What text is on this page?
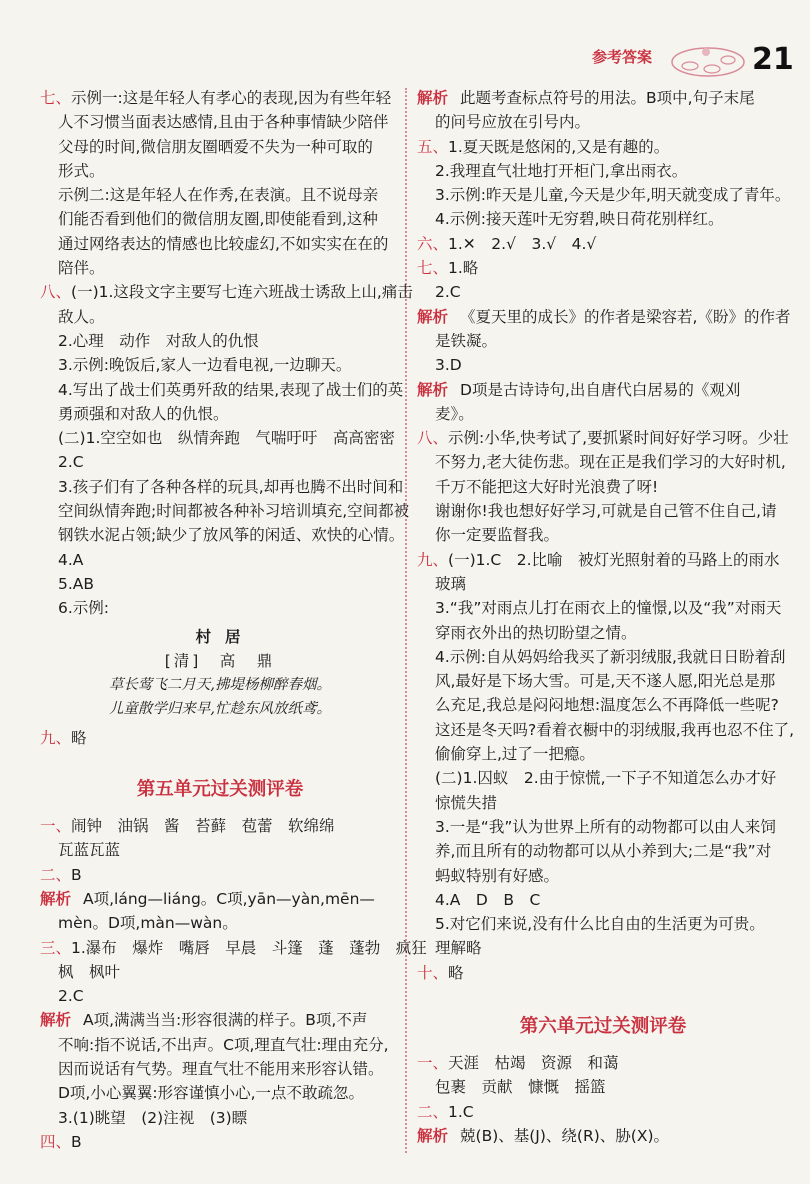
参考答案	21
七、示例一:这是年轻人有孝心的表现,因为有些年轻
人不习惯当面表达感情,且由于各种事情缺少陪伴
父母的时间,微信朋友圈晒爱不失为一种可取的
形式。
示例二:这是年轻人在作秀,在表演。且不说母亲
们能否看到他们的微信朋友圈,即使能看到,这种
通过网络表达的情感也比较虚幻,不如实实在在的
陪伴。
八、(一)1.这段文字主要写七连六班战士诱敌上山,痛击
敌人。
2.心理　动作　对敌人的仇恨
3.示例:晚饭后,家人一边看电视,一边聊天。
4.写出了战士们英勇歼敌的结果,表现了战士们的英
勇顽强和对敌人的仇恨。
(二)1.空空如也　纵情奔跑　气喘吁吁　高高密密
2.C
3.孩子们有了各种各样的玩具,却再也腾不出时间和
空间纵情奔跑;时间都被各种补习培训填充,空间都被
钢铁水泥占领;缺少了放风筝的闲适、欢快的心情。
4.A
5.AB
6.示例:
村居
[清]　高　鼎
草长莺飞二月天,拂堤杨柳醉春烟。
儿童散学归来早,忙趁东风放纸鸢。
九、略
第五单元过关测评卷
一、闹钟　油锅　酱　苔藓　苞蕾　软绵绵
瓦蓝瓦蓝
二、B
解析 A项,láng—liáng。C项,yān—yàn,mēn—
mèn。D项,màn—wàn。
三、1.瀑布　爆炸　嘴唇　早晨　斗篷　蓬　蓬勃　疯狂
枫　枫叶
2.C
解析 A项,满满当当:形容很满的样子。B项,不声
不响:指不说话,不出声。C项,理直气壮:理由充分,
因而说话有气势。理直气壮不能用来形容认错。
D项,小心翼翼:形容谨慎小心,一点不敢疏忽。
3.(1)眺望　(2)注视　(3)瞟
四、B
解析 此题考查标点符号的用法。B项中,句子末尾
的问号应放在引号内。
五、1.夏天既是悠闲的,又是有趣的。
2.我理直气壮地打开柜门,拿出雨衣。
3.示例:昨天是儿童,今天是少年,明天就变成了青年。
4.示例:接天莲叶无穷碧,映日荷花别样红。
六、1.✕　2.√　3.√　4.√
七、1.略
2.C
解析 《夏天里的成长》的作者是梁容若,《盼》的作者
是铁凝。
3.D
解析 D项是古诗诗句,出自唐代白居易的《观刈
麦》。
八、示例:小华,快考试了,要抓紧时间好好学习呀。少壮
不努力,老大徒伤悲。现在正是我们学习的大好时机,
千万不能把这大好时光浪费了呀!
谢谢你!我也想好好学习,可就是自己管不住自己,请
你一定要监督我。
九、(一)1.C　2.比喻　被灯光照射着的马路上的雨水
玻璃
3.“我”对雨点儿打在雨衣上的憧憬,以及“我”对雨天
穿雨衣外出的热切盼望之情。
4.示例:自从妈妈给我买了新羽绒服,我就日日盼着刮
风,最好是下场大雪。可是,天不遂人愿,阳光总是那
么充足,我总是闷闷地想:温度怎么不再降低一些呢?
这还是冬天吗?看着衣橱中的羽绒服,我再也忍不住了,
偷偷穿上,过了一把瘾。
(二)1.囚蚁　2.由于惊慌,一下子不知道怎么办才好
惊慌失措
3.一是“我”认为世界上所有的动物都可以由人来饲
养,而且所有的动物都可以从小养到大;二是“我”对
蚂蚁特别有好感。
4.A　D　B　C
5.对它们来说,没有什么比自由的生活更为可贵。
理解略
十、略
第六单元过关测评卷
一、天涯　枯竭　资源　和蔼
包裹　贡献　慷慨　摇篮
二、1.C
解析 兢(B)、基(J)、绕(R)、胁(X)。
